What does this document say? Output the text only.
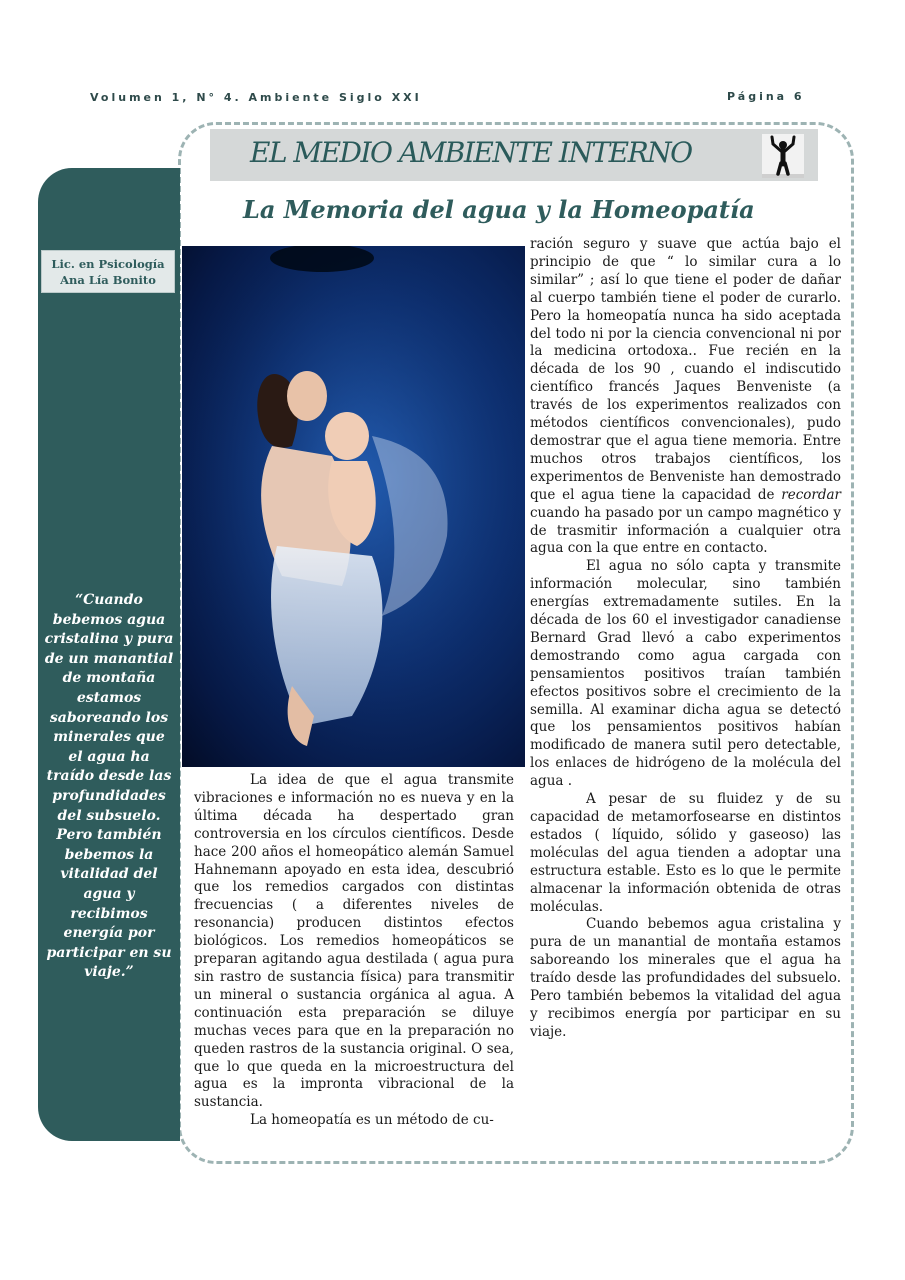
Volumen 1, N° 4. Ambiente Siglo XXI	Página 6
Lic. en Psicología
Ana Lía Bonito

“Cuando bebemos agua cristalina y pura de un manantial de montaña estamos saboreando los minerales que el agua ha traído desde las profundidades del subsuelo. Pero también bebemos la vitalidad del agua y recibimos energía por participar en su viaje.”

EL MEDIO AMBIENTE INTERNO
La Memoria del agua y la Homeopatía

La idea de que el agua transmite vibraciones e información no es nueva y en la última década ha despertado gran controversia en los círculos científicos. Desde hace 200 años el homeopático alemán Samuel Hahnemann apoyado en esta idea, descubrió que los remedios cargados con distintas frecuencias ( a diferentes niveles de resonancia) producen distintos efectos biológicos. Los remedios homeopáticos se preparan agitando agua destilada ( agua pura sin rastro de sustancia física) para transmitir un mineral o sustancia orgánica al agua. A continuación esta preparación se diluye muchas veces para que en la preparación no queden rastros de la sustancia original. O sea, que lo que queda en la microestructura del agua es la impronta vibracional de la sustancia.

La homeopatía es un método de cu-

ración seguro y suave que actúa bajo el principio de que “ lo similar cura a lo similar” ; así lo que tiene el poder de dañar al cuerpo también tiene el poder de curarlo. Pero la homeopatía nunca ha sido aceptada del todo ni por la ciencia convencional ni por la medicina ortodoxa.. Fue recién en la década de los 90 , cuando el indiscutido científico francés Jaques Benveniste (a través de los experimentos realizados con métodos científicos convencionales), pudo demostrar que el agua tiene memoria. Entre muchos otros trabajos científicos, los experimentos de Benveniste han demostrado que el agua tiene la capacidad de recordar cuando ha pasado por un campo magnético y de trasmitir información a cualquier otra agua con la que entre en contacto.

El agua no sólo capta y transmite información molecular, sino también energías extremadamente sutiles. En la década de los 60 el investigador canadiense Bernard Grad llevó a cabo experimentos demostrando como agua cargada con pensamientos positivos traían también efectos positivos sobre el crecimiento de la semilla. Al examinar dicha agua se detectó que los pensamientos positivos habían modificado de manera sutil pero detectable, los enlaces de hidrógeno de la molécula del agua .

A pesar de su fluidez y de su capacidad de metamorfosearse en distintos estados ( líquido, sólido y gaseoso) las moléculas del agua tienden a adoptar una estructura estable. Esto es lo que le permite almacenar la información obtenida de otras moléculas.

Cuando bebemos agua cristalina y pura de un manantial de montaña estamos saboreando los minerales que el agua ha traído desde las profundidades del subsuelo. Pero también bebemos la vitalidad del agua y recibimos energía por participar en su viaje.
